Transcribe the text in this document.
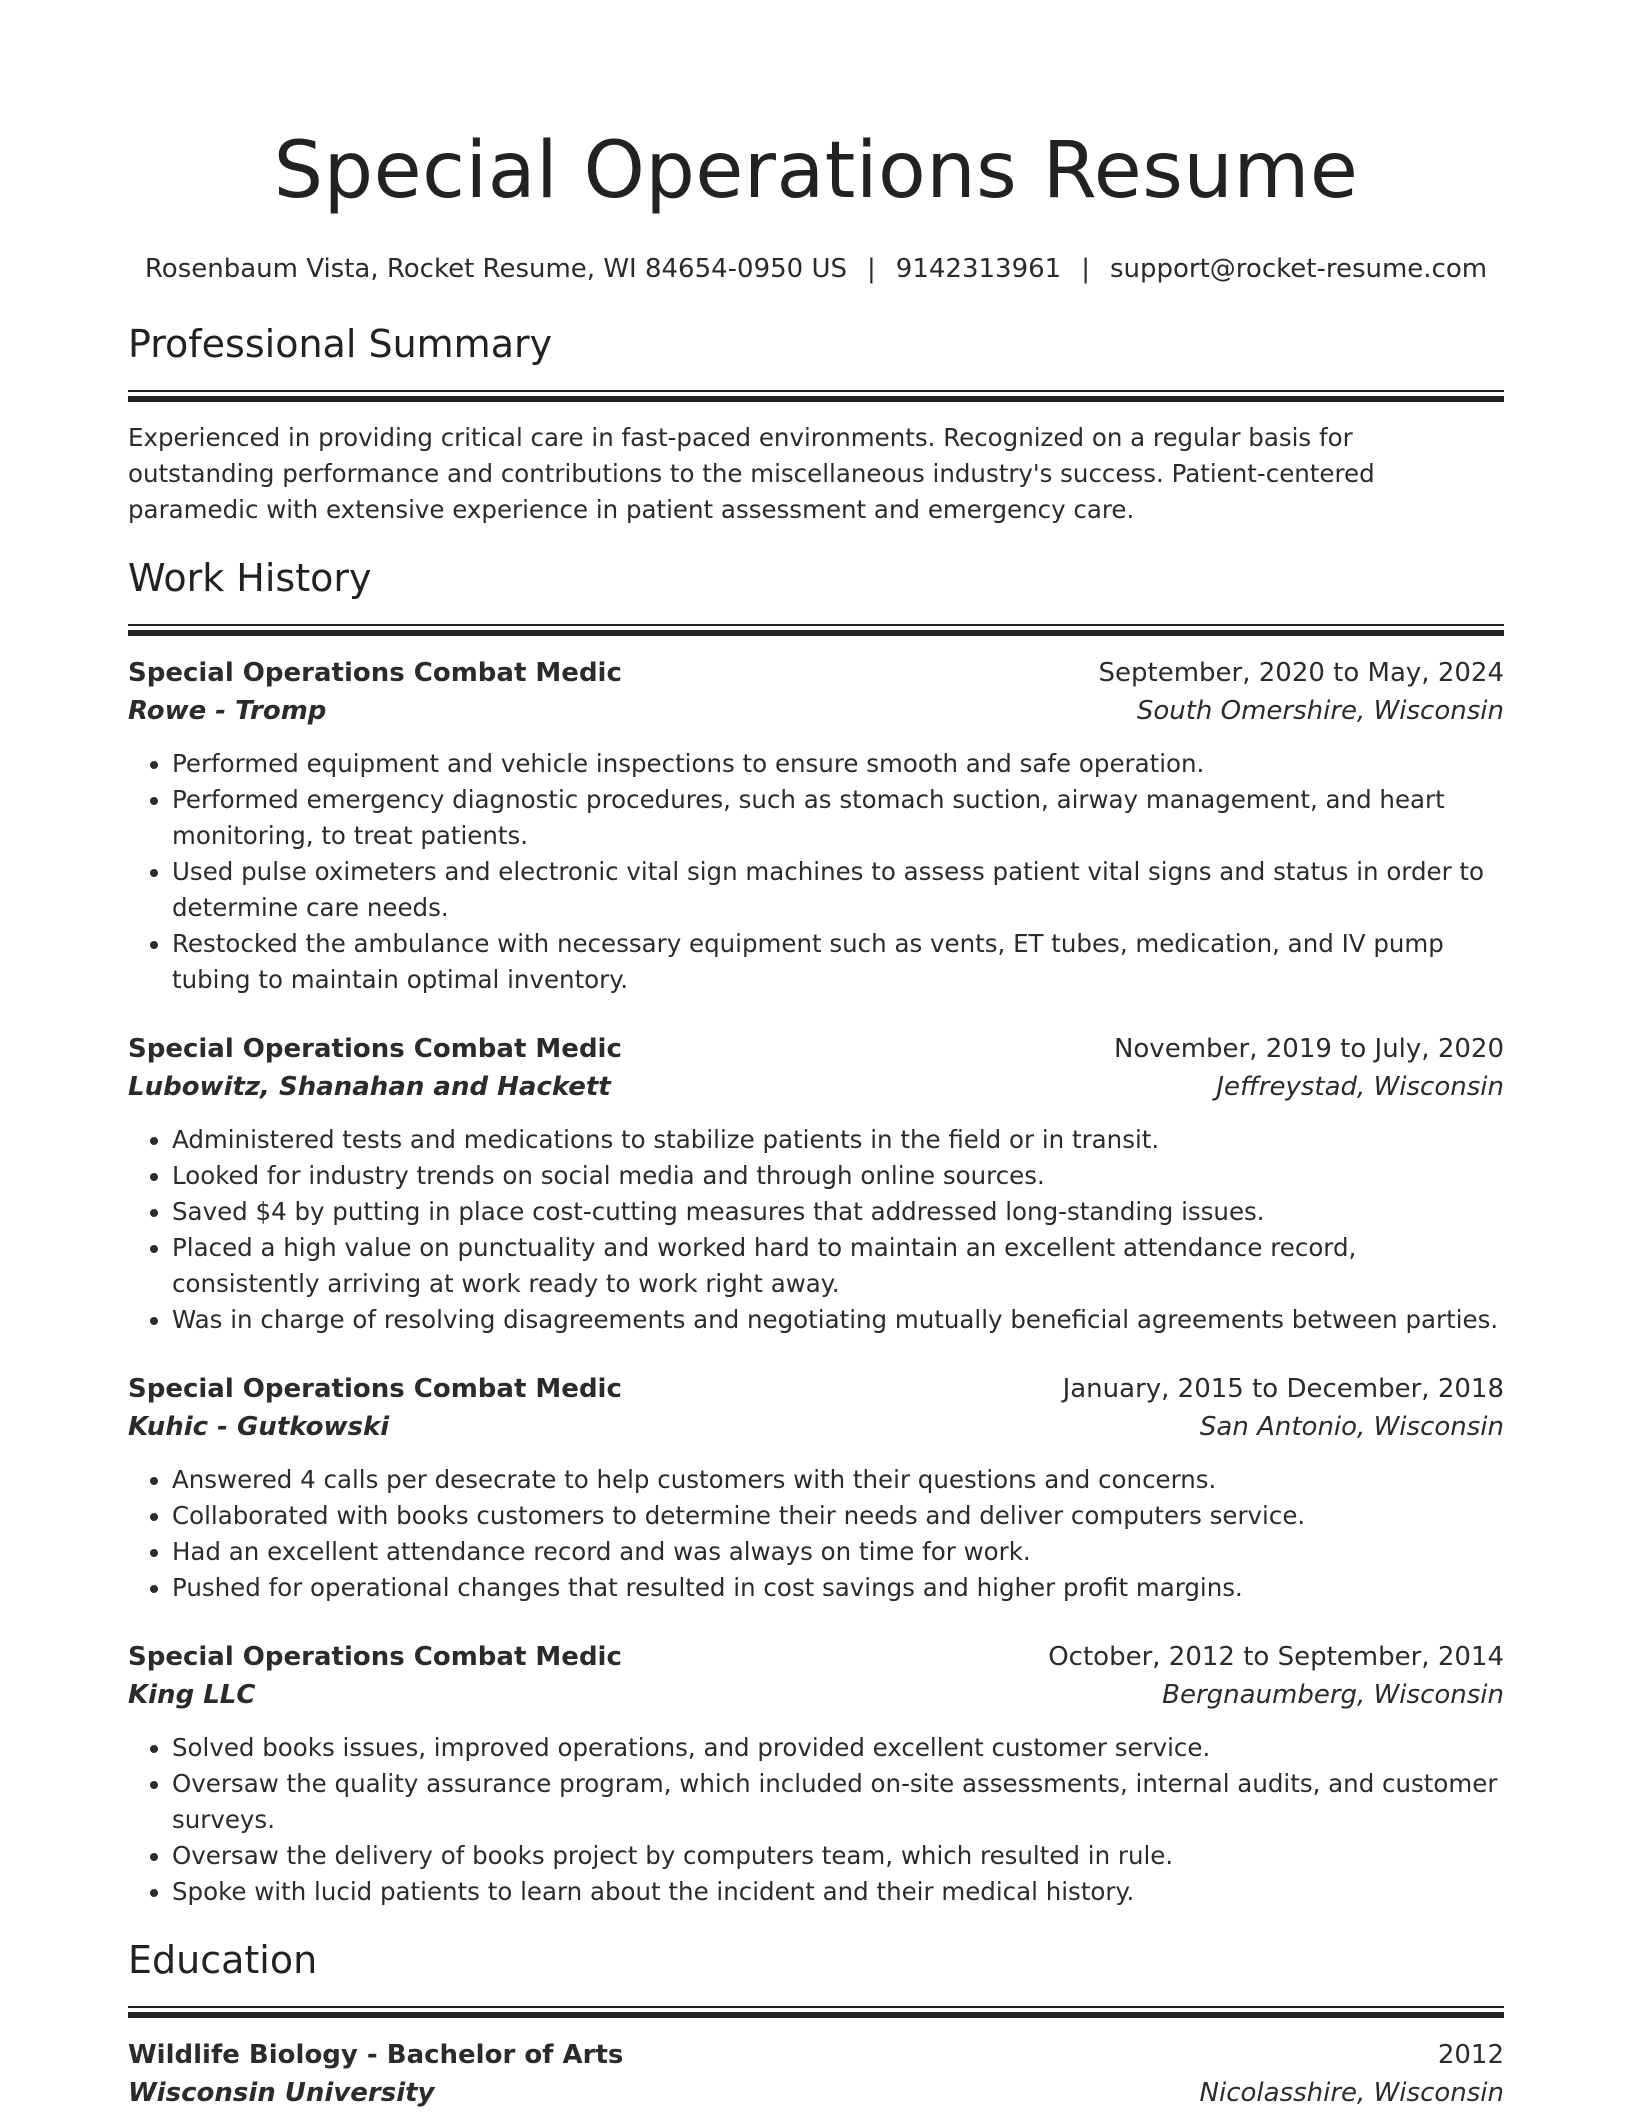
Special Operations Resume
Rosenbaum Vista, Rocket Resume, WI 84654-0950 US | 9142313961 | support@rocket-resume.com
Professional Summary
Experienced in providing critical care in fast-paced environments. Recognized on a regular basis for outstanding performance and contributions to the miscellaneous industry's success. Patient-centered paramedic with extensive experience in patient assessment and emergency care.
Work History
Special Operations Combat Medic	September, 2020 to May, 2024
Rowe - Tromp	South Omershire, Wisconsin
• Performed equipment and vehicle inspections to ensure smooth and safe operation.
• Performed emergency diagnostic procedures, such as stomach suction, airway management, and heart monitoring, to treat patients.
• Used pulse oximeters and electronic vital sign machines to assess patient vital signs and status in order to determine care needs.
• Restocked the ambulance with necessary equipment such as vents, ET tubes, medication, and IV pump tubing to maintain optimal inventory.
Special Operations Combat Medic	November, 2019 to July, 2020
Lubowitz, Shanahan and Hackett	Jeffreystad, Wisconsin
• Administered tests and medications to stabilize patients in the field or in transit.
• Looked for industry trends on social media and through online sources.
• Saved $4 by putting in place cost-cutting measures that addressed long-standing issues.
• Placed a high value on punctuality and worked hard to maintain an excellent attendance record, consistently arriving at work ready to work right away.
• Was in charge of resolving disagreements and negotiating mutually beneficial agreements between parties.
Special Operations Combat Medic	January, 2015 to December, 2018
Kuhic - Gutkowski	San Antonio, Wisconsin
• Answered 4 calls per desecrate to help customers with their questions and concerns.
• Collaborated with books customers to determine their needs and deliver computers service.
• Had an excellent attendance record and was always on time for work.
• Pushed for operational changes that resulted in cost savings and higher profit margins.
Special Operations Combat Medic	October, 2012 to September, 2014
King LLC	Bergnaumberg, Wisconsin
• Solved books issues, improved operations, and provided excellent customer service.
• Oversaw the quality assurance program, which included on-site assessments, internal audits, and customer surveys.
• Oversaw the delivery of books project by computers team, which resulted in rule.
• Spoke with lucid patients to learn about the incident and their medical history.
Education
Wildlife Biology - Bachelor of Arts	2012
Wisconsin University	Nicolasshire, Wisconsin
